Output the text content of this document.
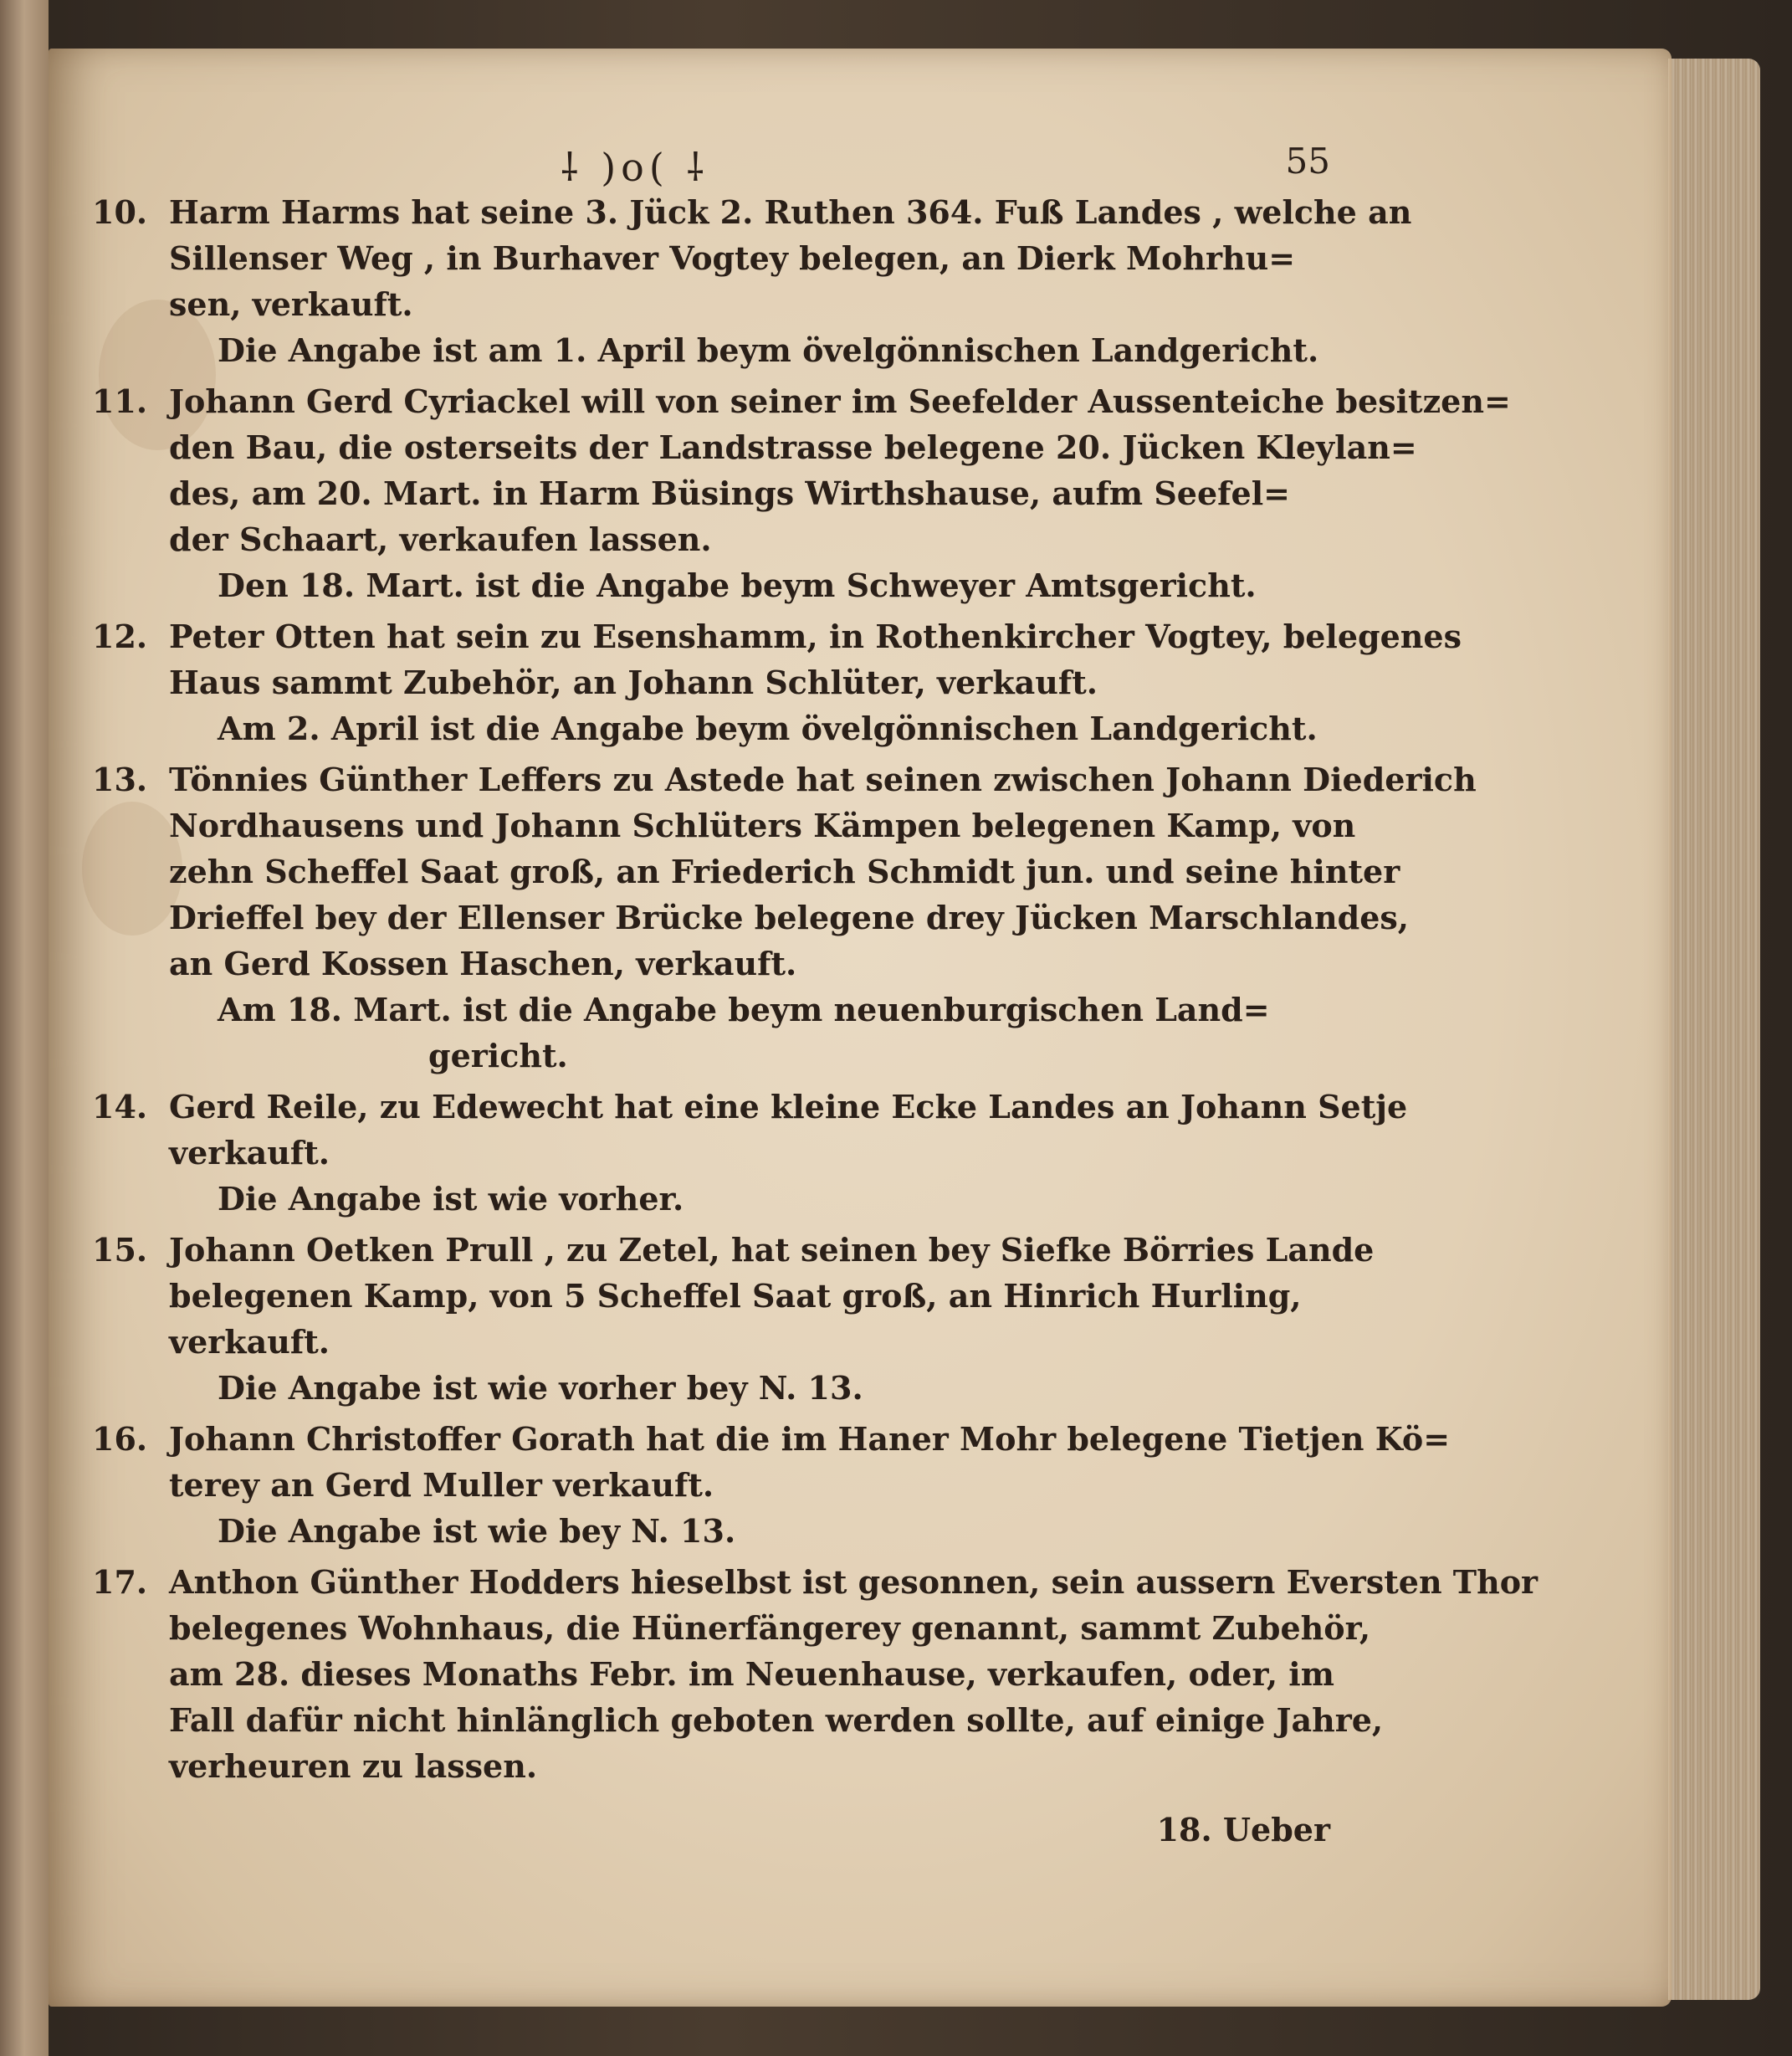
⸸ )o( ⸸	55
10. Harm Harms hat seine 3. Jück 2. Ruthen 364. Fuß Landes , welche an
Sillenser Weg , in Burhaver Vogtey belegen, an Dierk Mohrhu=
sen, verkauft.
Die Angabe ist am 1. April beym övelgönnischen Landgericht.
11. Johann Gerd Cyriackel will von seiner im Seefelder Aussenteiche besitzen=
den Bau, die osterseits der Landstrasse belegene 20. Jücken Kleylan=
des, am 20. Mart. in Harm Büsings Wirthshause, aufm Seefel=
der Schaart, verkaufen lassen.
Den 18. Mart. ist die Angabe beym Schweyer Amtsgericht.
12. Peter Otten hat sein zu Esenshamm, in Rothenkircher Vogtey, belegenes
Haus sammt Zubehör, an Johann Schlüter, verkauft.
Am 2. April ist die Angabe beym övelgönnischen Landgericht.
13. Tönnies Günther Leffers zu Astede hat seinen zwischen Johann Diederich
Nordhausens und Johann Schlüters Kämpen belegenen Kamp, von
zehn Scheffel Saat groß, an Friederich Schmidt jun. und seine hinter
Drieffel bey der Ellenser Brücke belegene drey Jücken Marschlandes,
an Gerd Kossen Haschen, verkauft.
Am 18. Mart. ist die Angabe beym neuenburgischen Land=
gericht.
14. Gerd Reile, zu Edewecht hat eine kleine Ecke Landes an Johann Setje
verkauft.
Die Angabe ist wie vorher.
15. Johann Oetken Prull , zu Zetel, hat seinen bey Siefke Börries Lande
belegenen Kamp, von 5 Scheffel Saat groß, an Hinrich Hurling,
verkauft.
Die Angabe ist wie vorher bey N. 13.
16. Johann Christoffer Gorath hat die im Haner Mohr belegene Tietjen Kö=
terey an Gerd Muller verkauft.
Die Angabe ist wie bey N. 13.
17. Anthon Günther Hodders hieselbst ist gesonnen, sein aussern Eversten Thor
belegenes Wohnhaus, die Hünerfängerey genannt, sammt Zubehör,
am 28. dieses Monaths Febr. im Neuenhause, verkaufen, oder, im
Fall dafür nicht hinlänglich geboten werden sollte, auf einige Jahre,
verheuren zu lassen.
18. Ueber
